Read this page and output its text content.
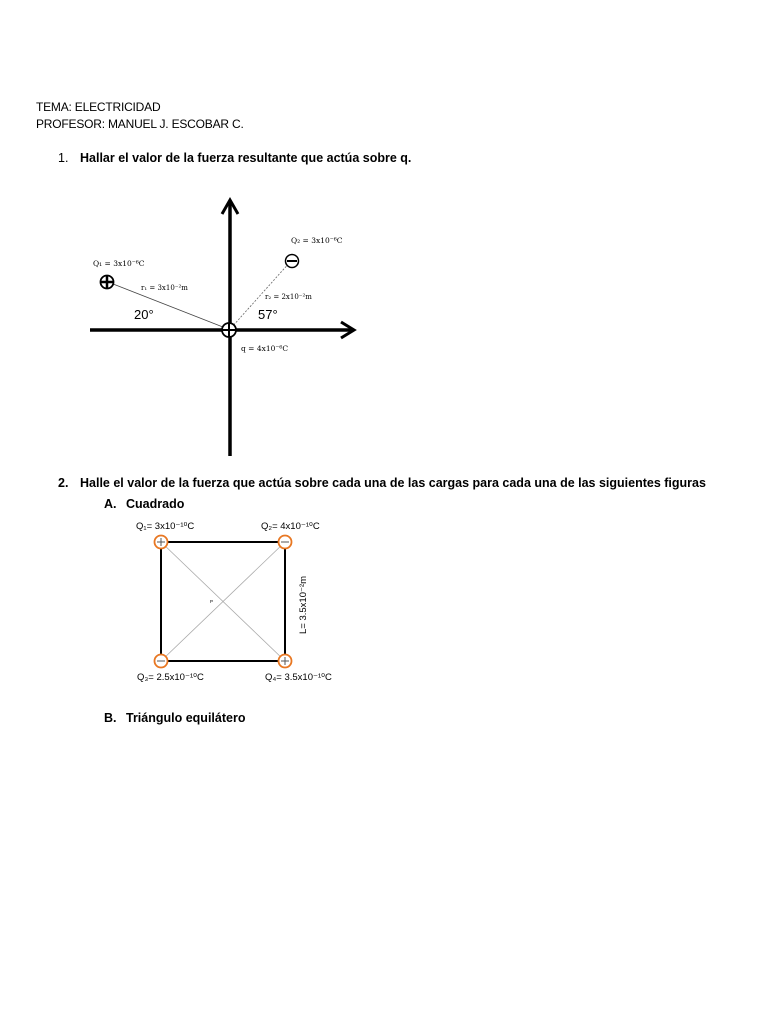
TEMA: ELECTRICIDAD
PROFESOR: MANUEL J. ESCOBAR C.
1. Hallar el valor de la fuerza resultante que actúa sobre q.
Q₁ = 3x10⁻⁶C
Q₂ = 3x10⁻⁶C
r₁ = 3x10⁻²m
r₂ = 2x10⁻²m
20°	57°
q = 4x10⁻⁶C
2. Halle el valor de la fuerza que actúa sobre cada una de las cargas para cada una de las siguientes figuras
A. Cuadrado
P
Q₁= 3x10⁻¹⁰C	Q₂= 4x10⁻¹⁰C
Q₃= 2.5x10⁻¹⁰C	Q₄= 3.5x10⁻¹⁰C
L= 3.5x10⁻²m
B. Triángulo equilátero
